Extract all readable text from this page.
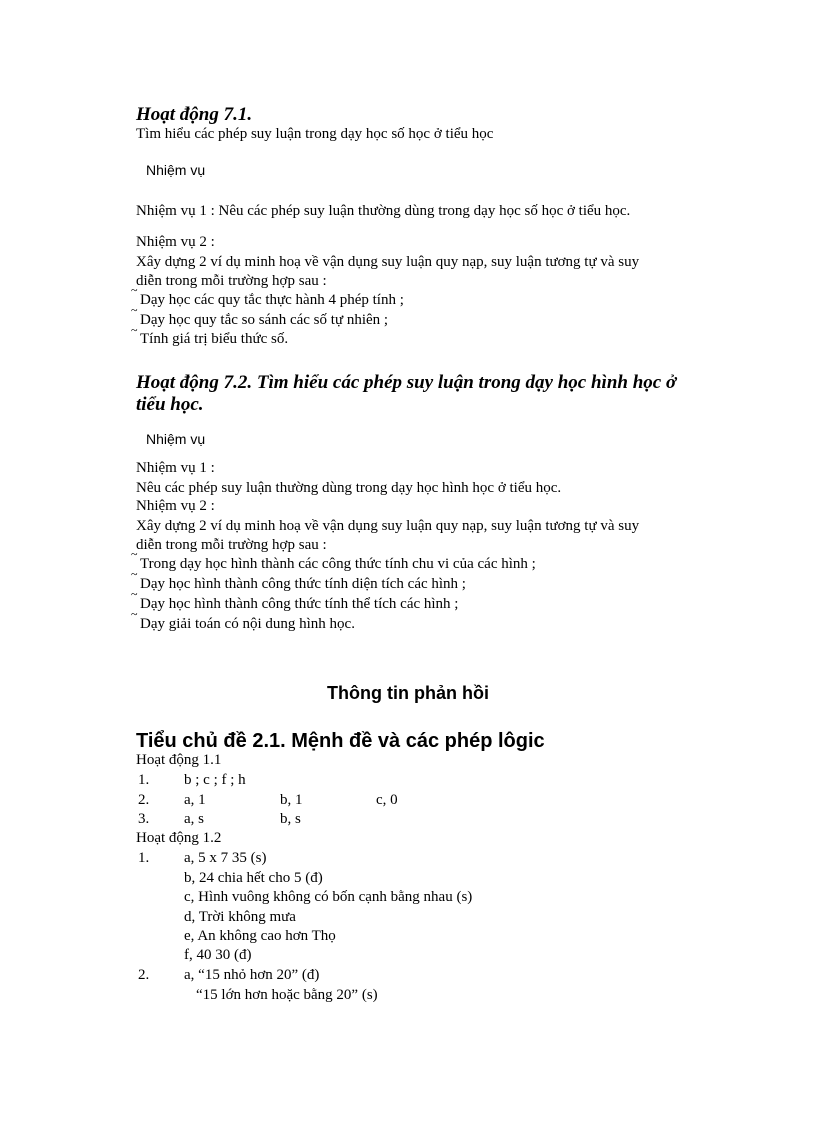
Hoạt động 7.1.
Tìm hiểu các phép suy luận trong dạy học số học ở tiểu học
Nhiệm vụ
Nhiệm vụ 1 : Nêu các phép suy luận thường dùng trong dạy học số học ở tiểu học.
Nhiệm vụ 2 :
Xây dựng 2 ví dụ minh hoạ về vận dụng suy luận quy nạp, suy luận tương tự và suy
diễn trong mỗi trường hợp sau :
~
Dạy học các quy tắc thực hành 4 phép tính ;
~
Dạy học quy tắc so sánh các số tự nhiên ;
~
Tính giá trị biểu thức số.
Hoạt động 7.2. Tìm hiểu các phép suy luận trong dạy học hình học ở
tiểu học.
Nhiệm vụ
Nhiệm vụ 1 :
Nêu các phép suy luận thường dùng trong dạy học hình học ở tiểu học.
Nhiệm vụ 2 :
Xây dựng 2 ví dụ minh hoạ về vận dụng suy luận quy nạp, suy luận tương tự và suy
diễn trong mỗi trường hợp sau :
~
Trong dạy học hình thành các công thức tính chu vi của các hình ;
~
Dạy học hình thành công thức tính diện tích các hình ;
~
Dạy học hình thành công thức tính thể tích các hình ;
~
Dạy giải toán có nội dung hình học.
Thông tin phản hồi
Tiểu chủ đề 2.1. Mệnh đề và các phép lôgic
Hoạt động 1.1
1. b ; c ; f ; h
2. a, 1	b, 1	c, 0
3. a, s	b, s
Hoạt động 1.2
1. a, 5 x 7 35 (s)
b, 24 chia hết cho 5 (đ)
c, Hình vuông không có bốn cạnh bằng nhau (s)
d, Trời không mưa
e, An không cao hơn Thọ
f, 40 30 (đ)
2. a, “15 nhỏ hơn 20” (đ)
“15 lớn hơn hoặc bằng 20” (s)
